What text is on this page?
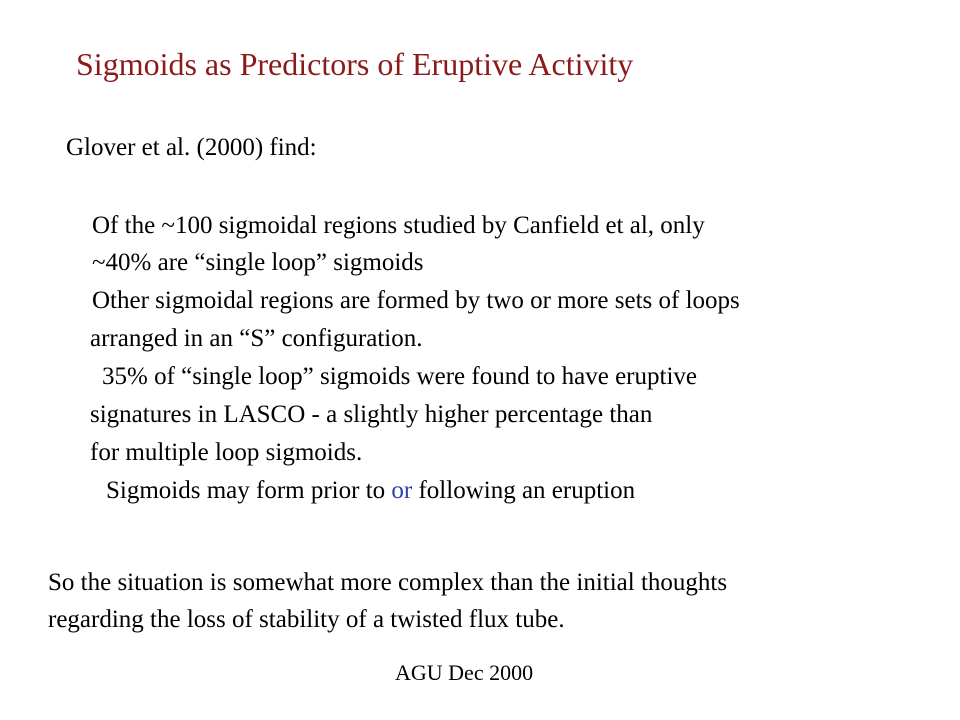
Sigmoids as Predictors of Eruptive Activity
Glover et al. (2000) find:
Of the ~100 sigmoidal regions studied by Canfield et al, only
~40% are “single loop” sigmoids
Other sigmoidal regions are formed by two or more sets of loops
arranged in an “S” configuration.
35% of “single loop” sigmoids were found to have eruptive
signatures in LASCO - a slightly higher percentage than
for multiple loop sigmoids.
Sigmoids may form prior to or following an eruption
So the situation is somewhat more complex than the initial thoughts
regarding the loss of stability of a twisted flux tube.
AGU Dec 2000
